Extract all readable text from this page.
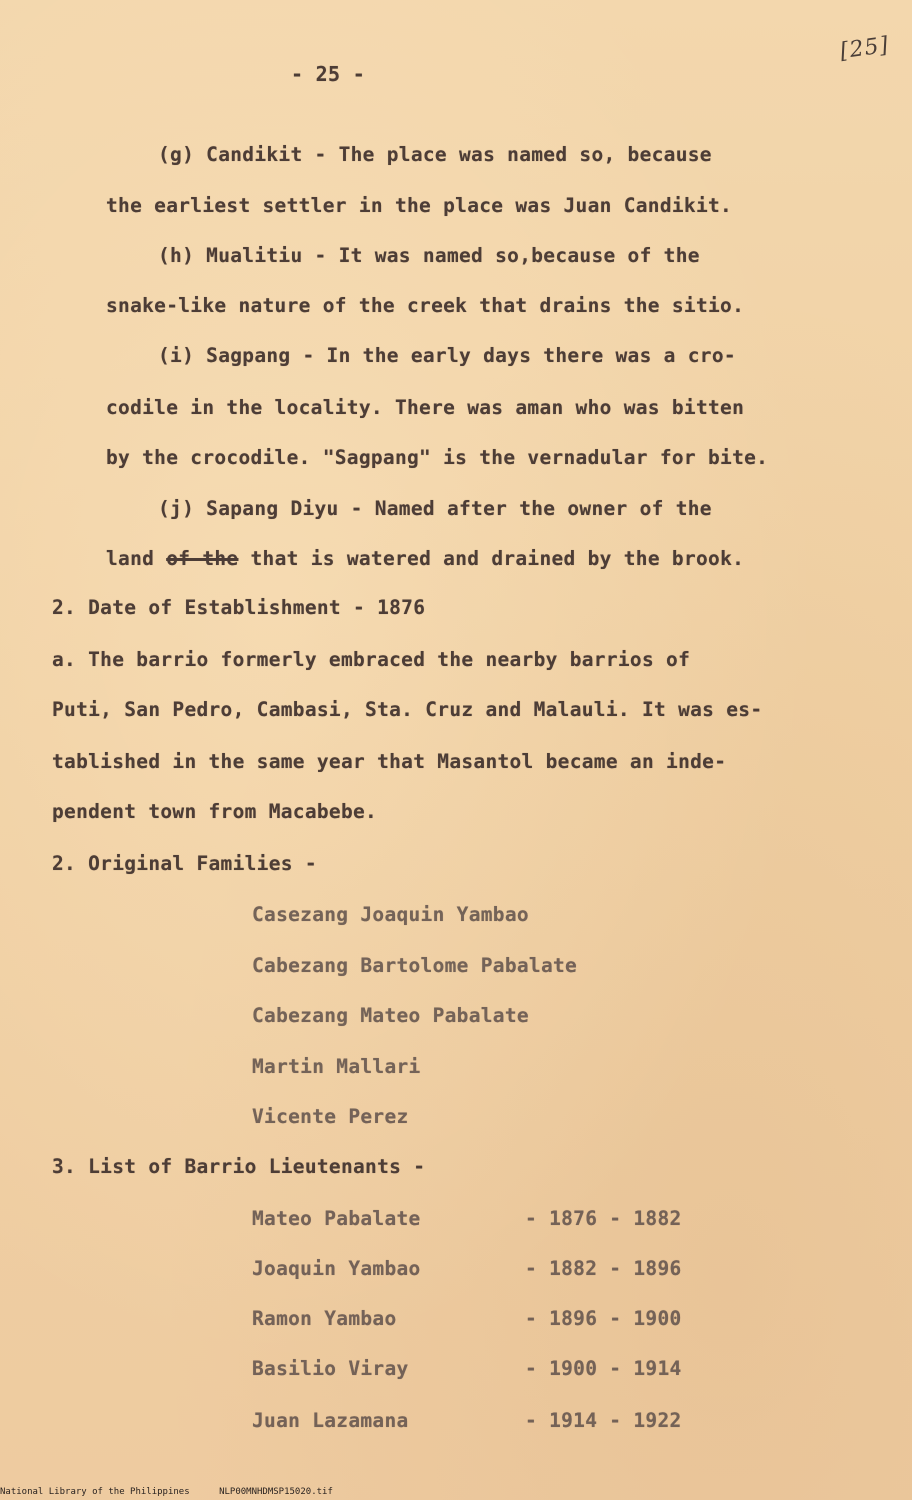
- 25 -
[25]
(g) Candikit - The place was named so, because
the earliest settler in the place was Juan Candikit.
(h) Mualitiu - It was named so,because of the
snake-like nature of the creek that drains the sitio.
(i) Sagpang - In the early days there was a cro-
codile in the locality. There was aman who was bitten
by the crocodile. "Sagpang" is the vernadular for bite.
(j) Sapang Diyu - Named after the owner of the
land of the that is watered and drained by the brook.
2. Date of Establishment - 1876
a. The barrio formerly embraced the nearby barrios of
Puti, San Pedro, Cambasi, Sta. Cruz and Malauli. It was es-
tablished in the same year that Masantol became an inde-
pendent town from Macabebe.
2. Original Families -
Casezang Joaquin Yambao
Cabezang Bartolome Pabalate
Cabezang Mateo Pabalate
Martin Mallari
Vicente Perez
3. List of Barrio Lieutenants -
Mateo Pabalate	- 1876 - 1882
Joaquin Yambao	- 1882 - 1896
Ramon Yambao	- 1896 - 1900
Basilio Viray	- 1900 - 1914
Juan Lazamana	- 1914 - 1922
National Library of the Philippines	NLP00MNHDMSP15020.tif
